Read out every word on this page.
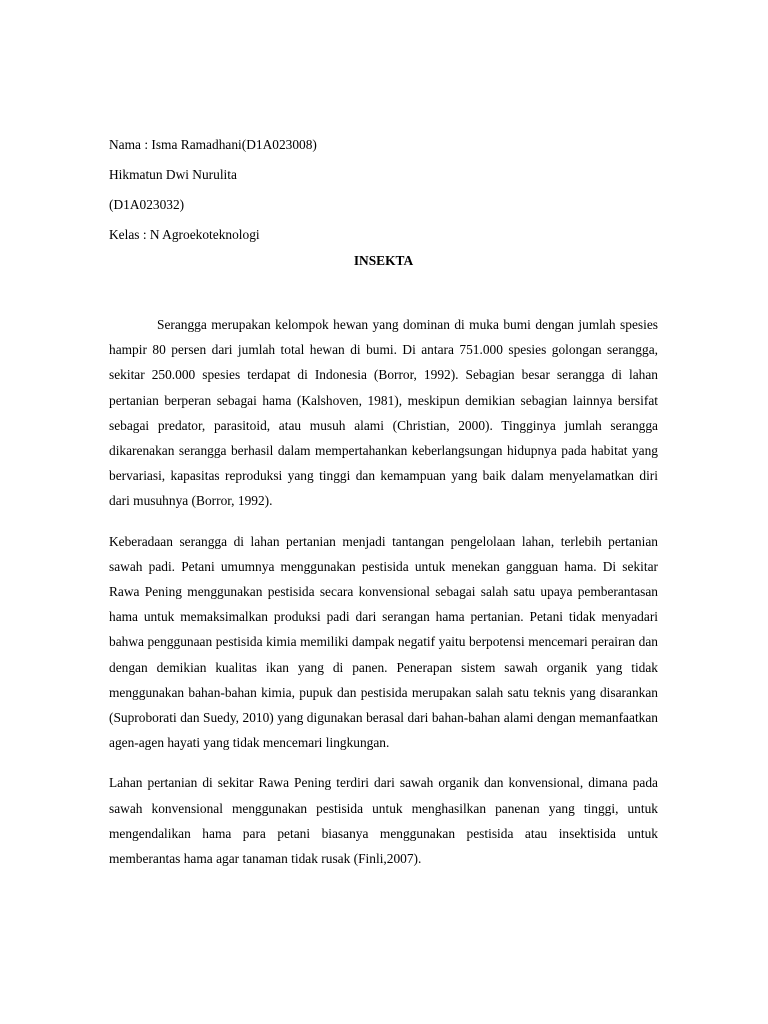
Nama : Isma Ramadhani(D1A023008)

Hikmatun Dwi Nurulita

(D1A023032)

Kelas : N Agroekoteknologi

INSEKTA

Serangga merupakan kelompok hewan yang dominan di muka bumi dengan jumlah spesies hampir 80 persen dari jumlah total hewan di bumi. Di antara 751.000 spesies golongan serangga, sekitar 250.000 spesies terdapat di Indonesia (Borror, 1992). Sebagian besar serangga di lahan pertanian berperan sebagai hama (Kalshoven, 1981), meskipun demikian sebagian lainnya bersifat sebagai predator, parasitoid, atau musuh alami (Christian, 2000). Tingginya jumlah serangga dikarenakan serangga berhasil dalam mempertahankan keberlangsungan hidupnya pada habitat yang bervariasi, kapasitas reproduksi yang tinggi dan kemampuan yang baik dalam menyelamatkan diri dari musuhnya (Borror, 1992).

Keberadaan serangga di lahan pertanian menjadi tantangan pengelolaan lahan, terlebih pertanian sawah padi. Petani umumnya menggunakan pestisida untuk menekan gangguan hama. Di sekitar Rawa Pening menggunakan pestisida secara konvensional sebagai salah satu upaya pemberantasan hama untuk memaksimalkan produksi padi dari serangan hama pertanian. Petani tidak menyadari bahwa penggunaan pestisida kimia memiliki dampak negatif yaitu berpotensi mencemari perairan dan dengan demikian kualitas ikan yang di panen. Penerapan sistem sawah organik yang tidak menggunakan bahan-bahan kimia, pupuk dan pestisida merupakan salah satu teknis yang disarankan (Suproborati dan Suedy, 2010) yang digunakan berasal dari bahan-bahan alami dengan memanfaatkan agen-agen hayati yang tidak mencemari lingkungan.

Lahan pertanian di sekitar Rawa Pening terdiri dari sawah organik dan konvensional, dimana pada sawah konvensional menggunakan pestisida untuk menghasilkan panenan yang tinggi, untuk mengendalikan hama para petani biasanya menggunakan pestisida atau insektisida untuk memberantas hama agar tanaman tidak rusak (Finli,2007).
